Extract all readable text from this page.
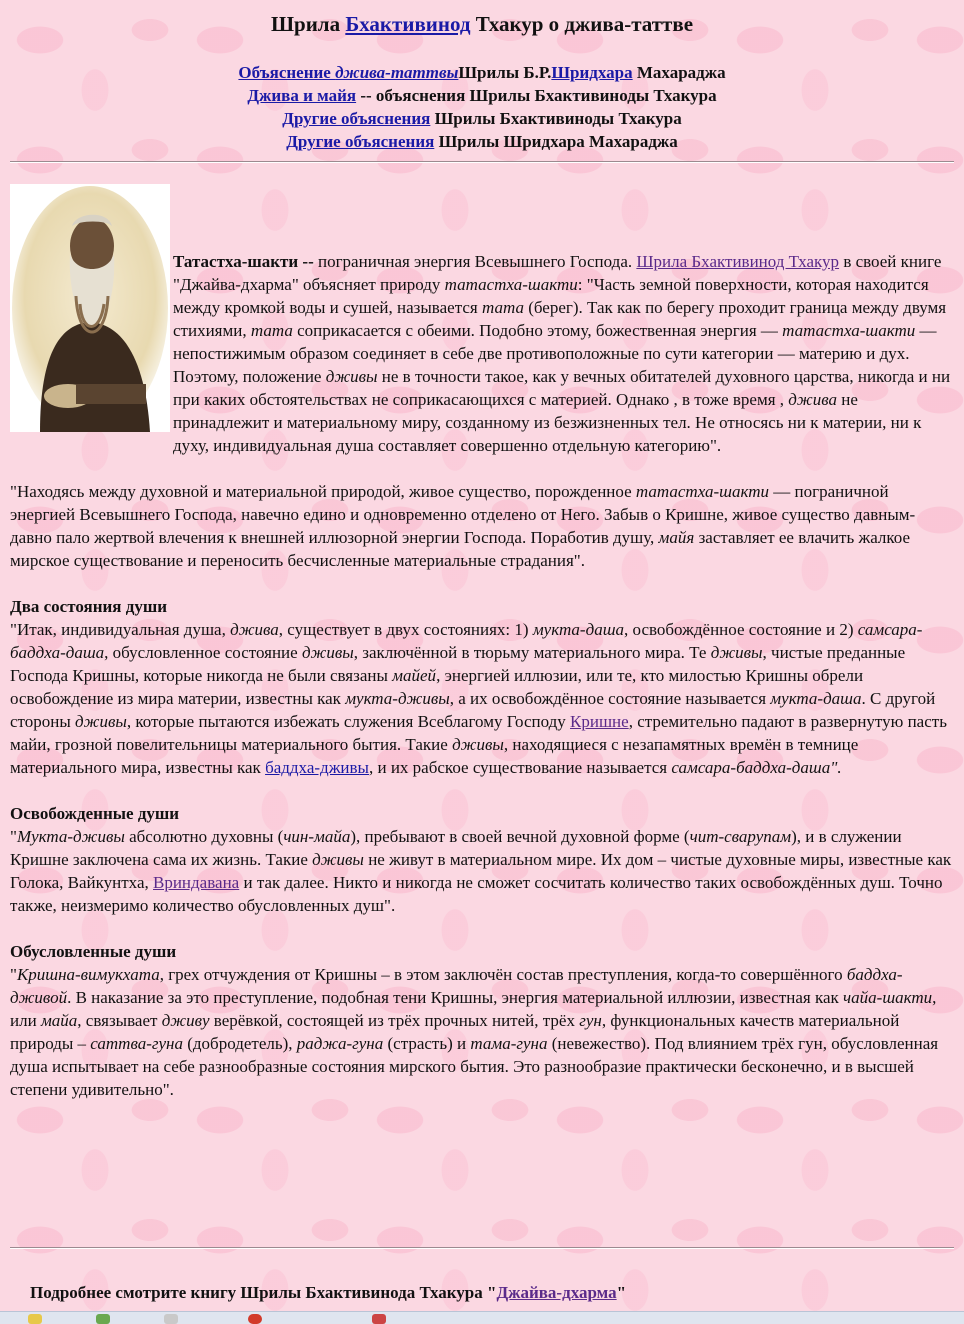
Шрила Бхактивинод Тхакур о джива-таттве
Объяснение джива-таттвыШрилы Б.Р.Шридхара Махараджа
Джива и майя -- объяснения Шрилы Бхактивиноды Тхакура
Другие объяснения Шрилы Бхактивиноды Тхакура
Другие объяснения Шрилы Шридхара Махараджа

Татастха-шакти -- пограничная энергия Всевышнего Господа. Шрила Бхактивинод Тхакур в своей книге "Джайва-дхарма" объясняет природу татастха-шакти: "Часть земной поверхности, которая находится между кромкой воды и сушей, называется тата (берег). Так как по берегу проходит граница между двумя стихиями, тата соприкасается с обеими. Подобно этому, божественная энергия — татастха-шакти — непостижимым образом соединяет в себе две противоположные по сути категории — материю и дух. Поэтому, положение дживы не в точности такое, как у вечных обитателей духовного царства, никогда и ни при каких обстоятельствах не соприкасающихся с материей. Однако , в тоже время , джива не принадлежит и материальному миру, созданному из безжизненных тел. Не относясь ни к материи, ни к духу, индивидуальная душа составляет совершенно отдельную категорию".

"Находясь между духовной и материальной природой, живое существо, порожденное татастха-шакти — пограничной энергией Всевышнего Господа, навечно едино и одновременно отделено от Него. Забыв о Кришне, живое существо давным-давно пало жертвой влечения к внешней иллюзорной энергии Господа. Поработив душу, майя заставляет ее влачить жалкое мирское существование и переносить бесчисленные материальные страдания".

Два состояния души
"Итак, индивидуальная душа, джива, существует в двух состояниях: 1) мукта-даша, освобождённое состояние и 2) самсара-баддха-даша, обусловленное состояние дживы, заключённой в тюрьму материального мира. Те дживы, чистые преданные Господа Кришны, которые никогда не были связаны майей, энергией иллюзии, или те, кто милостью Кришны обрели освобождение из мира материи, известны как мукта-дживы, а их освобождённое состояние называется мукта-даша. С другой стороны дживы, которые пытаются избежать служения Всеблагому Господу Кришне, стремительно падают в развернутую пасть майи, грозной повелительницы материального бытия. Такие дживы, находящиеся с незапамятных времён в темнице материального мира, известны как баддха-дживы, и их рабское существование называется самсара-баддха-даша".

Освобожденные души
"Мукта-дживы абсолютно духовны (чин-майа), пребывают в своей вечной духовной форме (чит-сварупам), и в служении Кришне заключена сама их жизнь. Такие дживы не живут в материальном мире. Их дом – чистые духовные миры, известные как Голока, Вайкунтха, Вриндавана и так далее. Никто и никогда не сможет сосчитать количество таких освобождённых душ. Точно также, неизмеримо количество обусловленных душ".

Обусловленные души
"Кришна-вимукхата, грех отчуждения от Кришны – в этом заключён состав преступления, когда-то совершённого баддха-дживой. В наказание за это преступление, подобная тени Кришны, энергия материальной иллюзии, известная как чайа-шакти, или майа, связывает дживу верёвкой, состоящей из трёх прочных нитей, трёх гун, функциональных качеств материальной природы – саттва-гуна (добродетель), раджа-гуна (страсть) и тама-гуна (невежество). Под влиянием трёх гун, обусловленная душа испытывает на себе разнообразные состояния мирского бытия. Это разнообразие практически бесконечно, и в высшей степени удивительно".

Подробнее смотрите книгу Шрилы Бхактивинода Тхакура "Джайва-дхарма"
